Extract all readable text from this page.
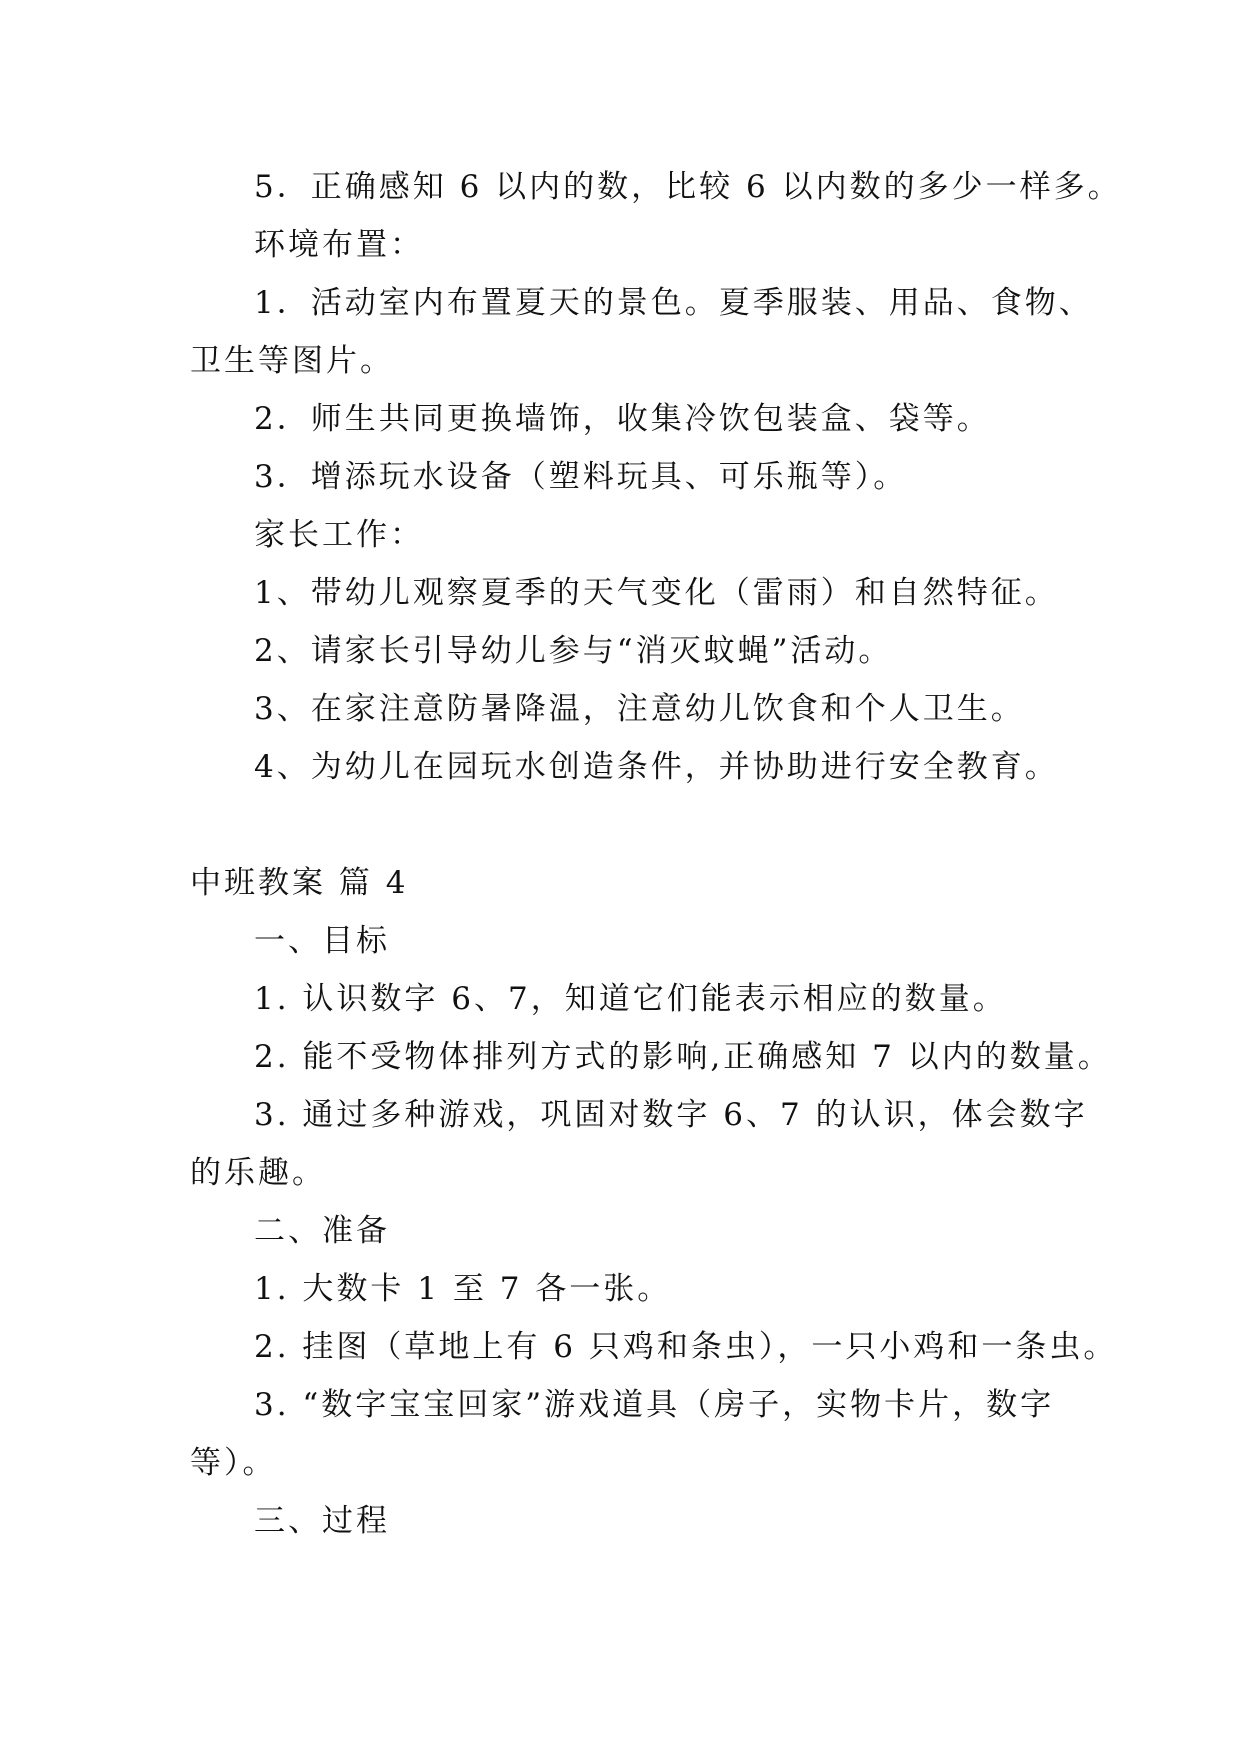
5．正确感知 6 以内的数，比较 6 以内数的多少一样多。
环境布置：
1．活动室内布置夏天的景色。夏季服装、用品、食物、
卫生等图片。
2．师生共同更换墙饰，收集冷饮包装盒、袋等。
3．增添玩水设备（塑料玩具、可乐瓶等）。
家长工作：
1、带幼儿观察夏季的天气变化（雷雨）和自然特征。
2、请家长引导幼儿参与“消灭蚊蝇”活动。
3、在家注意防暑降温，注意幼儿饮食和个人卫生。
4、为幼儿在园玩水创造条件，并协助进行安全教育。
中班教案 篇 4
一、目标
1. 认识数字 6、7，知道它们能表示相应的数量。
2. 能不受物体排列方式的影响,正确感知 7 以内的数量。
3. 通过多种游戏，巩固对数字 6、7 的认识，体会数字
的乐趣。
二、准备
1. 大数卡 1 至 7 各一张。
2. 挂图（草地上有 6 只鸡和条虫），一只小鸡和一条虫。
3. “数字宝宝回家”游戏道具（房子，实物卡片，数字
等）。
三、过程
